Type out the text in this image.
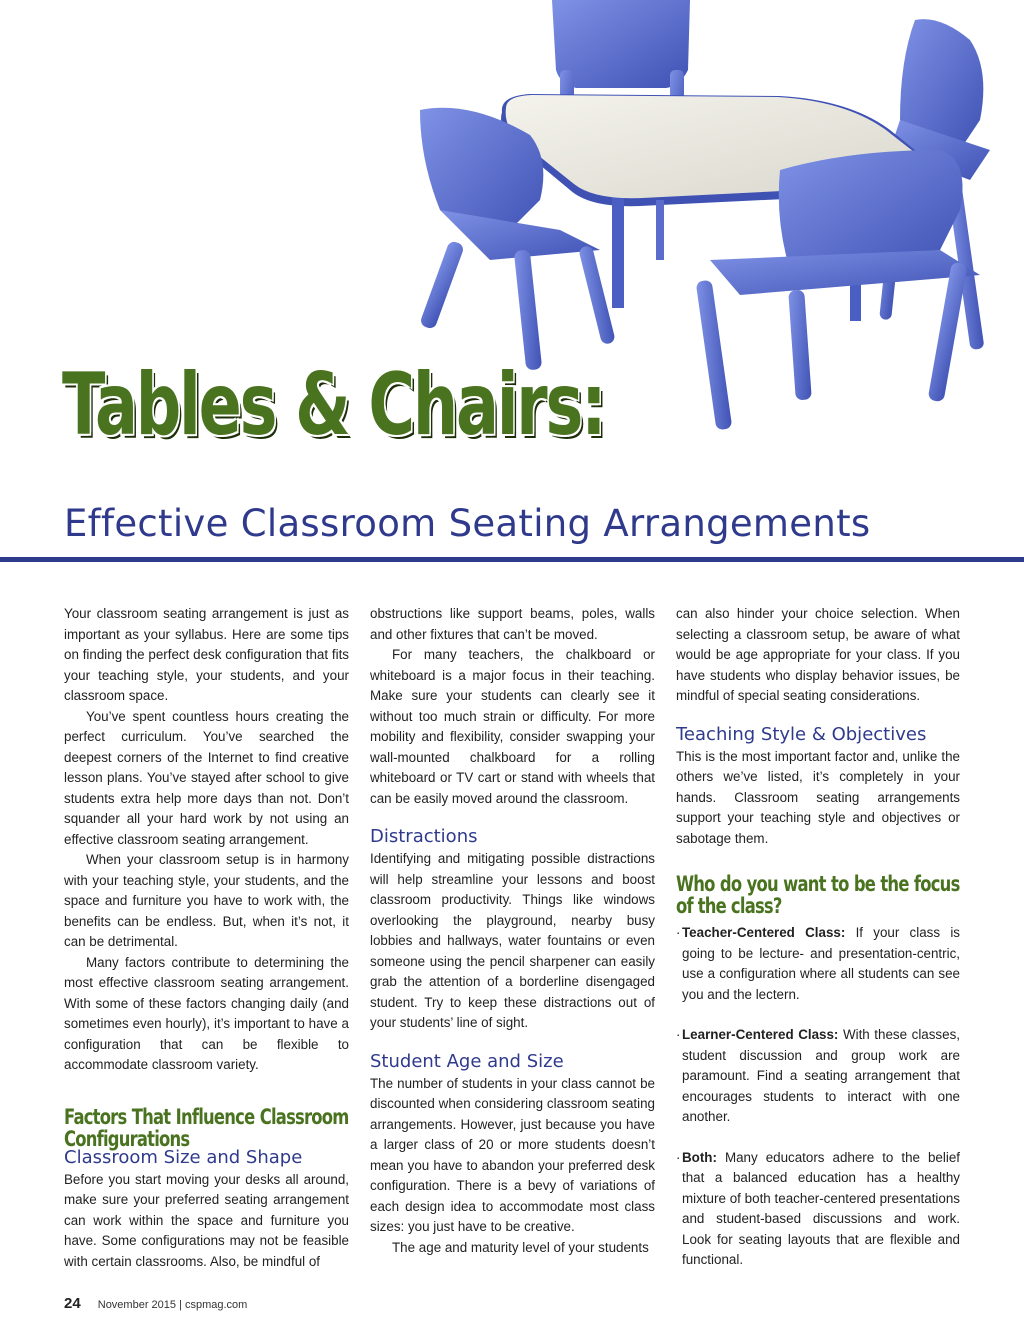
Tables & Chairs:
Effective Classroom Seating Arrangements

Your classroom seating arrangement is just as important as your syllabus. Here are some tips on finding the perfect desk configuration that fits your teaching style, your students, and your classroom space.

You’ve spent countless hours creating the perfect curriculum. You’ve searched the deepest corners of the Internet to find creative lesson plans. You’ve stayed after school to give students extra help more days than not. Don’t squander all your hard work by not using an effective classroom seating arrangement.

When your classroom setup is in harmony with your teaching style, your students, and the space and furniture you have to work with, the benefits can be endless. But, when it’s not, it can be detrimental.

Many factors contribute to determining the most effective classroom seating arrangement. With some of these factors changing daily (and sometimes even hourly), it’s important to have a configuration that can be flexible to accommodate classroom variety.

Factors That Influence Classroom Configurations
Classroom Size and Shape

Before you start moving your desks all around, make sure your preferred seating arrangement can work within the space and furniture you have. Some configurations may not be feasible with certain classrooms. Also, be mindful of

obstructions like support beams, poles, walls and other fixtures that can’t be moved.

For many teachers, the chalkboard or whiteboard is a major focus in their teaching. Make sure your students can clearly see it without too much strain or difficulty. For more mobility and flexibility, consider swapping your wall-mounted chalkboard for a rolling whiteboard or TV cart or stand with wheels that can be easily moved around the classroom.

Distractions

Identifying and mitigating possible distractions will help streamline your lessons and boost classroom productivity. Things like windows overlooking the playground, nearby busy lobbies and hallways, water fountains or even someone using the pencil sharpener can easily grab the attention of a borderline disengaged student. Try to keep these distractions out of your students’ line of sight.

Student Age and Size

The number of students in your class cannot be discounted when considering classroom seating arrangements. However, just because you have a larger class of 20 or more students doesn’t mean you have to abandon your preferred desk configuration. There is a bevy of variations of each design idea to accommodate most class sizes: you just have to be creative.

The age and maturity level of your students

can also hinder your choice selection. When selecting a classroom setup, be aware of what would be age appropriate for your class. If you have students who display behavior issues, be mindful of special seating considerations.

Teaching Style & Objectives

This is the most important factor and, unlike the others we’ve listed, it’s completely in your hands. Classroom seating arrangements support your teaching style and objectives or sabotage them.

Who do you want to be the focus of the class?
· Teacher-Centered Class: If your class is going to be lecture- and presentation-centric, use a configuration where all students can see you and the lectern.
· Learner-Centered Class: With these classes, student discussion and group work are paramount. Find a seating arrangement that encourages students to interact with one another.
· Both: Many educators adhere to the belief that a balanced education has a healthy mixture of both teacher-centered presentations and student-based discussions and work. Look for seating layouts that are flexible and functional.
24 November 2015 | cspmag.com
